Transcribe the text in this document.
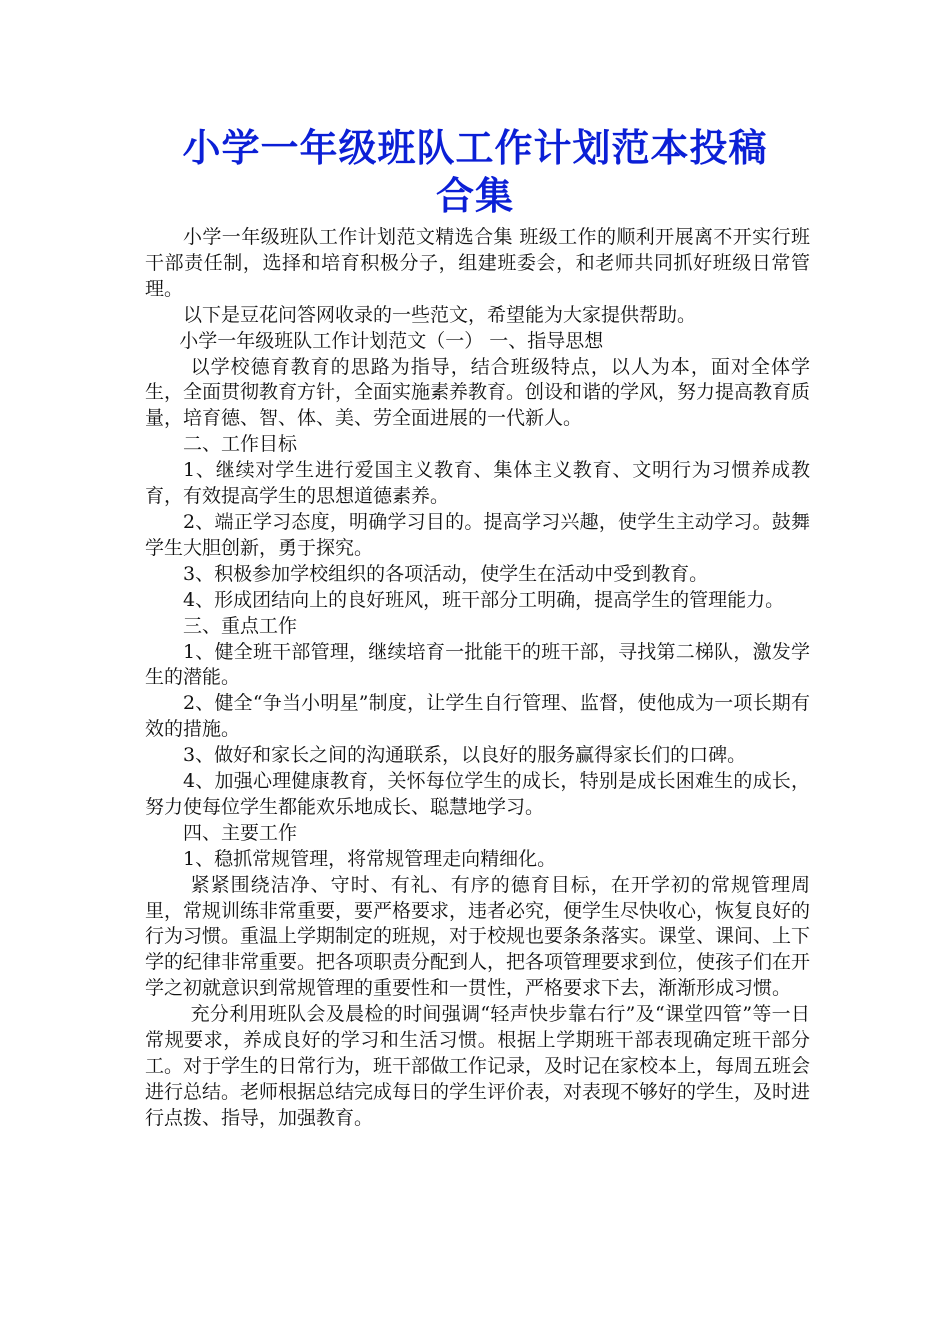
小学一年级班队工作计划范本投稿
合集

小学一年级班队工作计划范文精选合集 班级工作的顺利开展离不开实行班干部责任制，选择和培育积极分子，组建班委会，和老师共同抓好班级日常管理。

以下是豆花问答网收录的一些范文，希望能为大家提供帮助。

小学一年级班队工作计划范文（一） 一、指导思想

以学校德育教育的思路为指导，结合班级特点，以人为本，面对全体学生，全面贯彻教育方针，全面实施素养教育。创设和谐的学风，努力提高教育质量，培育德、智、体、美、劳全面进展的一代新人。

二、工作目标

1、继续对学生进行爱国主义教育、集体主义教育、文明行为习惯养成教育，有效提高学生的思想道德素养。

2、端正学习态度，明确学习目的。提高学习兴趣，使学生主动学习。鼓舞学生大胆创新，勇于探究。

3、积极参加学校组织的各项活动，使学生在活动中受到教育。

4、形成团结向上的良好班风，班干部分工明确，提高学生的管理能力。

三、重点工作

1、健全班干部管理，继续培育一批能干的班干部，寻找第二梯队，激发学生的潜能。

2、健全“争当小明星”制度，让学生自行管理、监督，使他成为一项长期有效的措施。

3、做好和家长之间的沟通联系，以良好的服务赢得家长们的口碑。

4、加强心理健康教育，关怀每位学生的成长，特别是成长困难生的成长，努力使每位学生都能欢乐地成长、聪慧地学习。

四、主要工作

1、稳抓常规管理，将常规管理走向精细化。

紧紧围绕洁净、守时、有礼、有序的德育目标，在开学初的常规管理周里，常规训练非常重要，要严格要求，违者必究，便学生尽快收心，恢复良好的行为习惯。重温上学期制定的班规，对于校规也要条条落实。课堂、课间、上下学的纪律非常重要。把各项职责分配到人，把各项管理要求到位，使孩子们在开学之初就意识到常规管理的重要性和一贯性，严格要求下去，渐渐形成习惯。

充分利用班队会及晨检的时间强调“轻声快步靠右行”及“课堂四管”等一日常规要求，养成良好的学习和生活习惯。根据上学期班干部表现确定班干部分工。对于学生的日常行为，班干部做工作记录，及时记在家校本上，每周五班会进行总结。老师根据总结完成每日的学生评价表，对表现不够好的学生，及时进行点拨、指导，加强教育。
